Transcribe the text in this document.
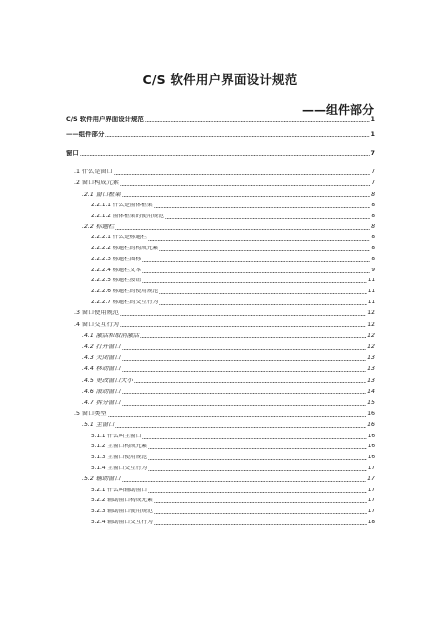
C/S 软件用户界面设计规范
——组件部分
C/S 软件用户界面设计规范	1
——组件部分	1
窗口	7
.1 什么是窗口	7
.2 窗口构成元素	7
.2.1 窗口框架	8
2.2.1.1 什么是窗体框架	8
2.2.1.2 窗体框架的使用规范	8
.2.2 标题栏	8
2.2.2.1 什么是标题栏	8
2.2.2.2 标题栏的构成元素	8
2.2.2.3 标题栏图标	8
2.2.2.4 标题栏文本	9
2.2.2.5 标题栏按钮	11
2.2.2.6 标题栏的使用规范	11
2.2.2.7 标题栏的交互行为	11
.3 窗口使用规范	12
.4 窗口交互行为	12
.4.1 激活和取消激活	12
.4.2 打开窗口	12
.4.3 关闭窗口	13
.4.4 移动窗口	13
.4.5 更改窗口大小	13
.4.6 滚动窗口	14
.4.7 拆分窗口	15
.5 窗口类型	16
.5.1 主窗口	16
5.1.1 什么叫主窗口	16
5.1.2 主窗口构成元素	16
5.1.3 主窗口使用规范	16
5.1.4 主窗口交互行为	17
.5.2 辅助窗口	17
5.2.1 什么叫辅助窗口	17
5.2.2 辅助窗口构成元素	17
5.2.3 辅助窗口使用规范	17
5.2.4 辅助窗口交互行为	18
